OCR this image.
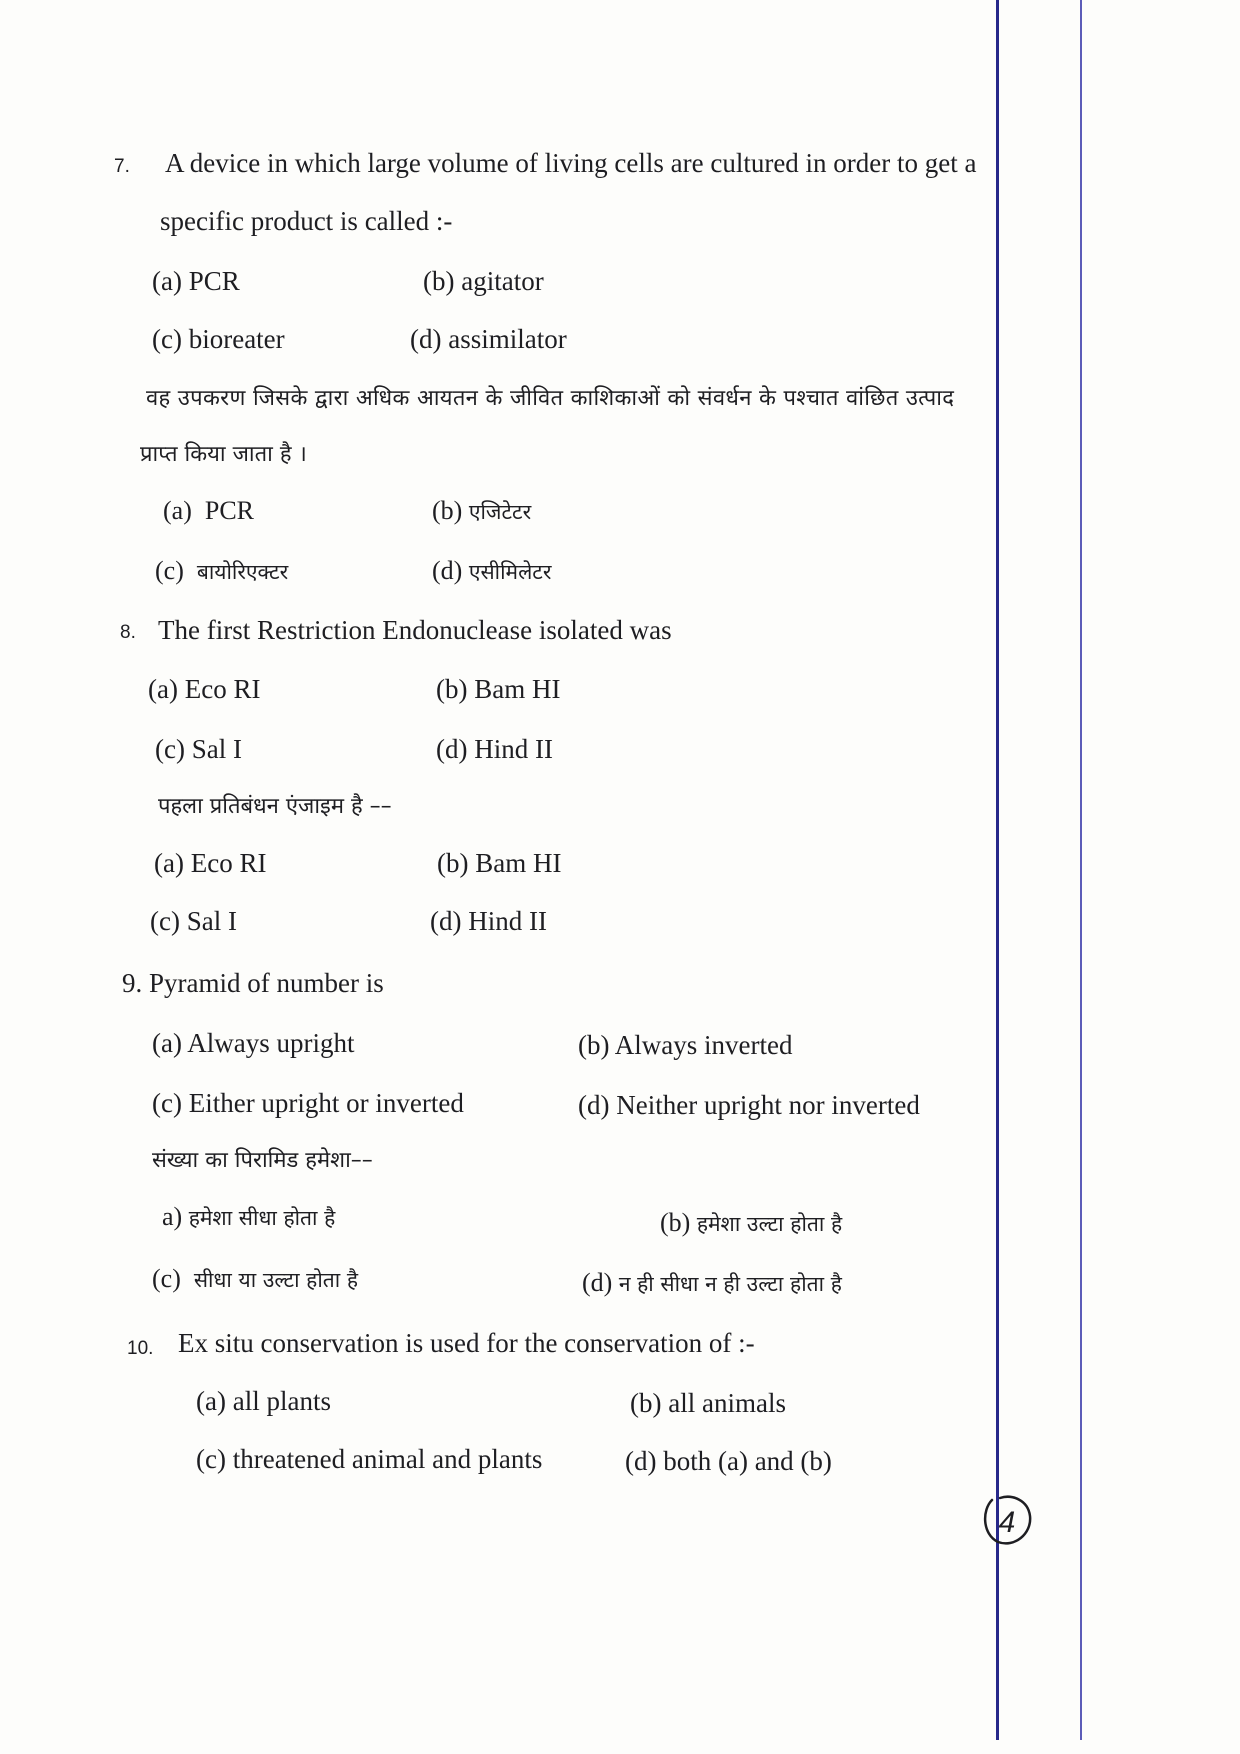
7. A device in which large volume of living cells are cultured in order to get a
specific product is called :-
(a) PCR	(b) agitator
(c) bioreater	(d) assimilator
वह उपकरण जिसके द्वारा अधिक आयतन के जीवित काशिकाओं को संवर्धन के पश्चात वांछित उत्पाद
प्राप्त किया जाता है ।
(a) PCR	(b) एजिटेटर
(c) बायोरिएक्टर	(d) एसीमिलेटर
8. The first Restriction Endonuclease isolated was
(a) Eco RI	(b) Bam HI
(c) Sal I	(d) Hind II
पहला प्रतिबंधन एंजाइम है ––
(a) Eco RI	(b) Bam HI
(c) Sal I	(d) Hind II
9. Pyramid of number is
(a) Always upright	(b) Always inverted
(c) Either upright or inverted	(d) Neither upright nor inverted
संख्या का पिरामिड हमेशा––
a) हमेशा सीधा होता है	(b) हमेशा उल्टा होता है
(c) सीधा या उल्टा होता है	(d) न ही सीधा न ही उल्टा होता है
10. Ex situ conservation is used for the conservation of :-
(a) all plants	(b) all animals
(c) threatened animal and plants	(d) both (a) and (b)
4
